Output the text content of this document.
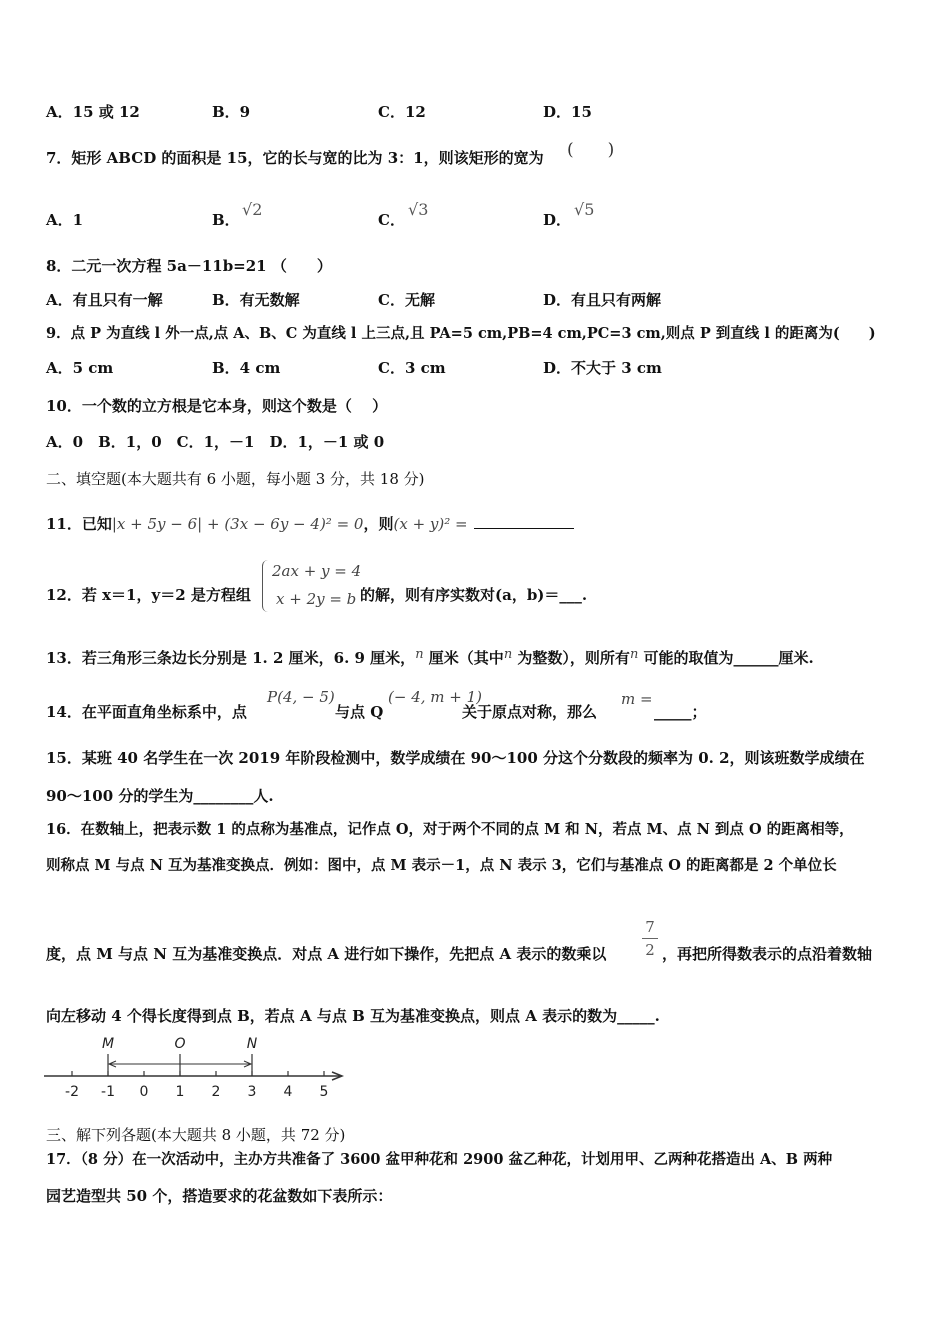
A．15 或 12	B．9	C．12	D．15
7．矩形 ABCD 的面积是 15，它的长与宽的比为 3：1，则该矩形的宽为 (　　)
A．1	B．
√2
C．
√3
D．
√5
8．二元一次方程 5a－11b=21 （　　）
A．有且只有一解	B．有无数解	C．无解	D．有且只有两解
9．点 P 为直线 l 外一点,点 A、B、C 为直线 l 上三点,且 PA=5 cm,PB=4 cm,PC=3 cm,则点 P 到直线 l 的距离为(　　)
A．5 cm	B．4 cm	C．3 cm	D．不大于 3 cm
10．一个数的立方根是它本身，则这个数是（　 ）
A．0　B．1，0　C．1，－1　D．1，－1 或 0
二、填空题(本大题共有 6 小题，每小题 3 分，共 18 分)
11．已知|x + 5y − 6| + (3x − 6y − 4)² = 0，则(x + y)² =
12．若 x＝1，y＝2 是方程组
2ax + y = 4
x + 2y = b 的解，则有序实数对(a，b)＝___.
13．若三角形三条边长分别是 1. 2 厘米，6. 9 厘米，n 厘米（其中n 为整数），则所有n 可能的取值为______厘米.
14．在平面直角坐标系中，点
P(4, − 5)
与点 Q
(− 4, m + 1)
关于原点对称，那么
m =
_____；
15．某班 40 名学生在一次 2019 年阶段检测中，数学成绩在 90～100 分这个分数段的频率为 0. 2，则该班数学成绩在
90～100 分的学生为________人.
16．在数轴上，把表示数 1 的点称为基准点，记作点 O，对于两个不同的点 M 和 N，若点 M、点 N 到点 O 的距离相等，
则称点 M 与点 N 互为基准变换点．例如：图中，点 M 表示－1，点 N 表示 3，它们与基准点 O 的距离都是 2 个单位长
度，点 M 与点 N 互为基准变换点．对点 A 进行如下操作，先把点 A 表示的数乘以
7
2 ，再把所得数表示的点沿着数轴
向左移动 4 个得长度得到点 B，若点 A 与点 B 互为基准变换点，则点 A 表示的数为_____.
-2 -1 0 1 2 3 4 5
M	O	N
三、解下列各题(本大题共 8 小题，共 72 分)
17．（8 分）在一次活动中，主办方共准备了 3600 盆甲种花和 2900 盆乙种花，计划用甲、乙两种花搭造出 A、B 两种
园艺造型共 50 个，搭造要求的花盆数如下表所示：
